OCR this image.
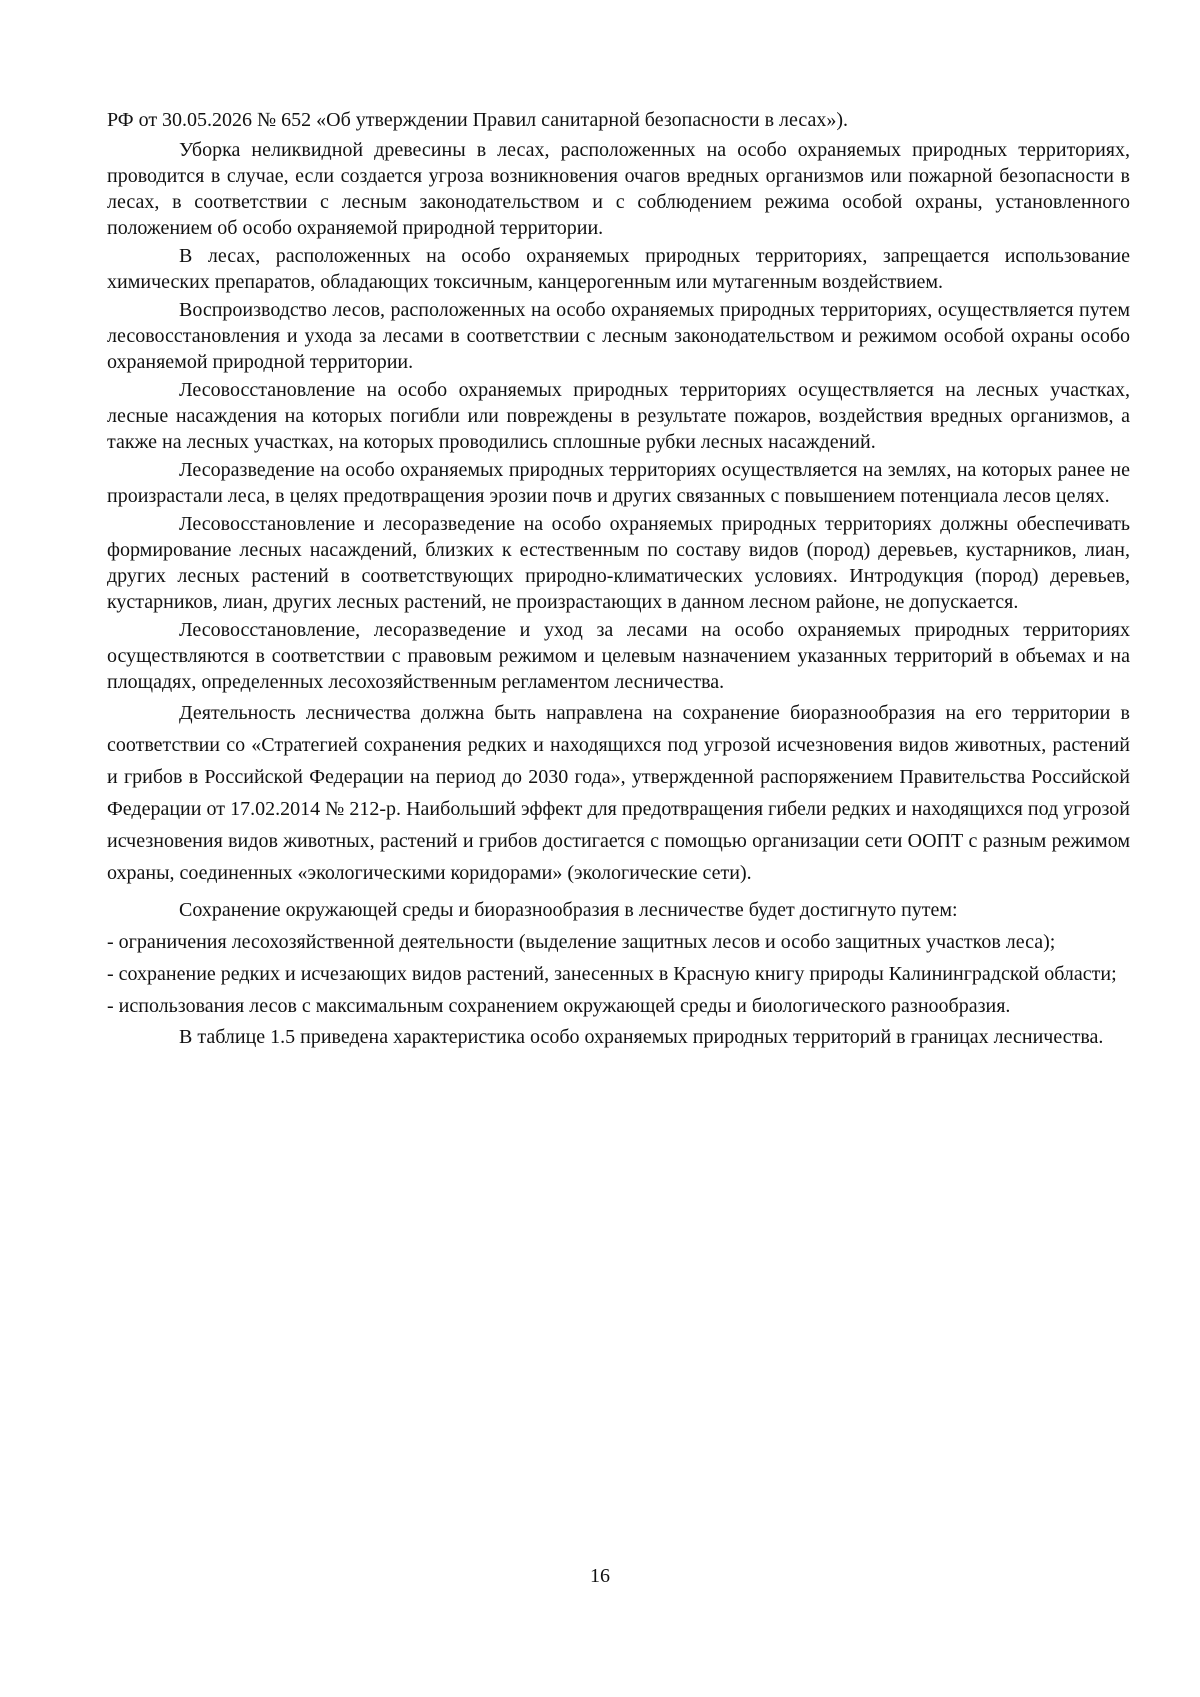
РФ от 30.05.2026 № 652 «Об утверждении Правил санитарной безопасности в лесах»).

Уборка неликвидной древесины в лесах, расположенных на особо охраняемых природных территориях, проводится в случае, если создается угроза возникновения очагов вредных организмов или пожарной безопасности в лесах, в соответствии с лесным законодательством и с соблюдением режима особой охраны, установленного положением об особо охраняемой природной территории.

В лесах, расположенных на особо охраняемых природных территориях, запрещается использование химических препаратов, обладающих токсичным, канцерогенным или мутагенным воздействием.

Воспроизводство лесов, расположенных на особо охраняемых природных территориях, осуществляется путем лесовосстановления и ухода за лесами в соответствии с лесным законодательством и режимом особой охраны особо охраняемой природной территории.

Лесовосстановление на особо охраняемых природных территориях осуществляется на лесных участках, лесные насаждения на которых погибли или повреждены в результате пожаров, воздействия вредных организмов, а также на лесных участках, на которых проводились сплошные рубки лесных насаждений.

Лесоразведение на особо охраняемых природных территориях осуществляется на землях, на которых ранее не произрастали леса, в целях предотвращения эрозии почв и других связанных с повышением потенциала лесов целях.

Лесовосстановление и лесоразведение на особо охраняемых природных территориях должны обеспечивать формирование лесных насаждений, близких к естественным по составу видов (пород) деревьев, кустарников, лиан, других лесных растений в соответствующих природно-климатических условиях. Интродукция (пород) деревьев, кустарников, лиан, других лесных растений, не произрастающих в данном лесном районе, не допускается.

Лесовосстановление, лесоразведение и уход за лесами на особо охраняемых природных территориях осуществляются в соответствии с правовым режимом и целевым назначением указанных территорий в объемах и на площадях, определенных лесохозяйственным регламентом лесничества.

Деятельность лесничества должна быть направлена на сохранение биоразнообразия на его территории в соответствии со «Стратегией сохранения редких и находящихся под угрозой исчезновения видов животных, растений и грибов в Российской Федерации на период до 2030 года», утвержденной распоряжением Правительства Российской Федерации от 17.02.2014 № 212-р. Наибольший эффект для предотвращения гибели редких и находящихся под угрозой исчезновения видов животных, растений и грибов достигается с помощью организации сети ООПТ с разным режимом охраны, соединенных «экологическими коридорами» (экологические сети).

Сохранение окружающей среды и биоразнообразия в лесничестве будет достигнуто путем:

- ограничения лесохозяйственной деятельности (выделение защитных лесов и особо защитных участков леса);

- сохранение редких и исчезающих видов растений, занесенных в Красную книгу природы Калининградской области;

- использования лесов с максимальным сохранением окружающей среды и биологического разнообразия.

В таблице 1.5 приведена характеристика особо охраняемых природных территорий в границах лесничества.

16
